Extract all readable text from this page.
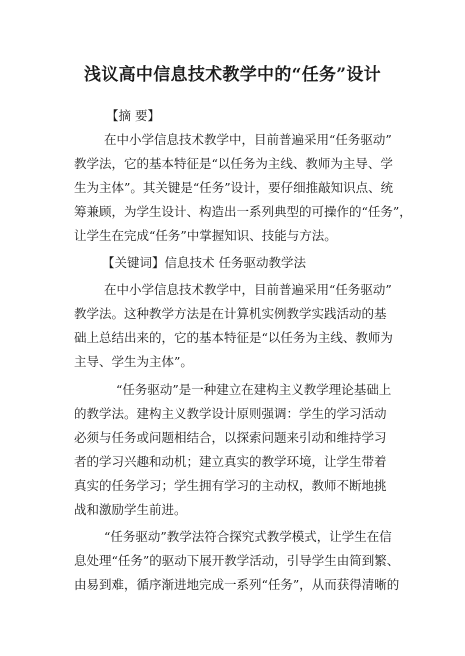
浅议高中信息技术教学中的“任务”设计
【摘 要】
在中小学信息技术教学中，目前普遍采用“任务驱动”
教学法，它的基本特征是“以任务为主线、教师为主导、学
生为主体”。其关键是“任务”设计，要仔细推敲知识点、统
筹兼顾，为学生设计、构造出一系列典型的可操作的“任务”，
让学生在完成“任务”中掌握知识、技能与方法。
【关键词】信息技术 任务驱动教学法
在中小学信息技术教学中，目前普遍采用“任务驱动”
教学法。这种教学方法是在计算机实例教学实践活动的基
础上总结出来的，它的基本特征是“以任务为主线、教师为
主导、学生为主体”。
“任务驱动”是一种建立在建构主义教学理论基础上
的教学法。建构主义教学设计原则强调：学生的学习活动
必须与任务或问题相结合，以探索问题来引动和维持学习
者的学习兴趣和动机；建立真实的教学环境，让学生带着
真实的任务学习；学生拥有学习的主动权，教师不断地挑
战和激励学生前进。
“任务驱动”教学法符合探究式教学模式，让学生在信
息处理“任务”的驱动下展开教学活动，引导学生由简到繁、
由易到难，循序渐进地完成一系列“任务”，从而获得清晰的
